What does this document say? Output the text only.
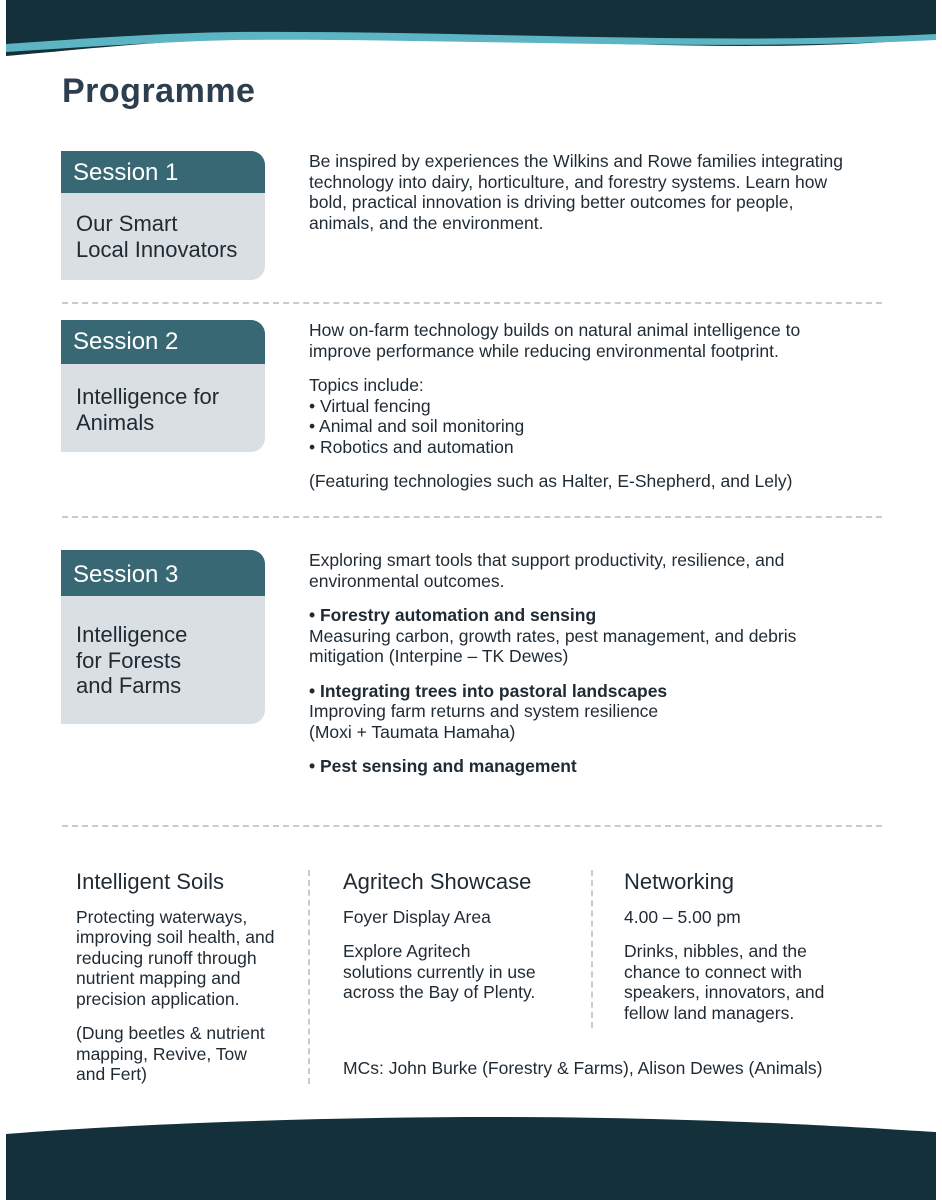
Programme
Session 1
Our Smart
Local Innovators

Be inspired by experiences the Wilkins and Rowe families integrating

technology into dairy, horticulture, and forestry systems. Learn how

bold, practical innovation is driving better outcomes for people,

animals, and the environment.

Session 2
Intelligence for
Animals

How on-farm technology builds on natural animal intelligence to

improve performance while reducing environmental footprint.

Topics include:

• Virtual fencing

• Animal and soil monitoring

• Robotics and automation

(Featuring technologies such as Halter, E-Shepherd, and Lely)

Session 3
Intelligence
for Forests
and Farms

Exploring smart tools that support productivity, resilience, and

environmental outcomes.

• Forestry automation and sensing

Measuring carbon, growth rates, pest management, and debris

mitigation (Interpine – TK Dewes)

• Integrating trees into pastoral landscapes

Improving farm returns and system resilience

(Moxi + Taumata Hamaha)

• Pest sensing and management

Intelligent Soils

Protecting waterways,

improving soil health, and

reducing runoff through

nutrient mapping and

precision application.

(Dung beetles & nutrient

mapping, Revive, Tow

and Fert)

Agritech Showcase

Foyer Display Area

Explore Agritech

solutions currently in use

across the Bay of Plenty.

Networking

4.00 – 5.00 pm

Drinks, nibbles, and the

chance to connect with

speakers, innovators, and

fellow land managers.

MCs: John Burke (Forestry & Farms), Alison Dewes (Animals)
